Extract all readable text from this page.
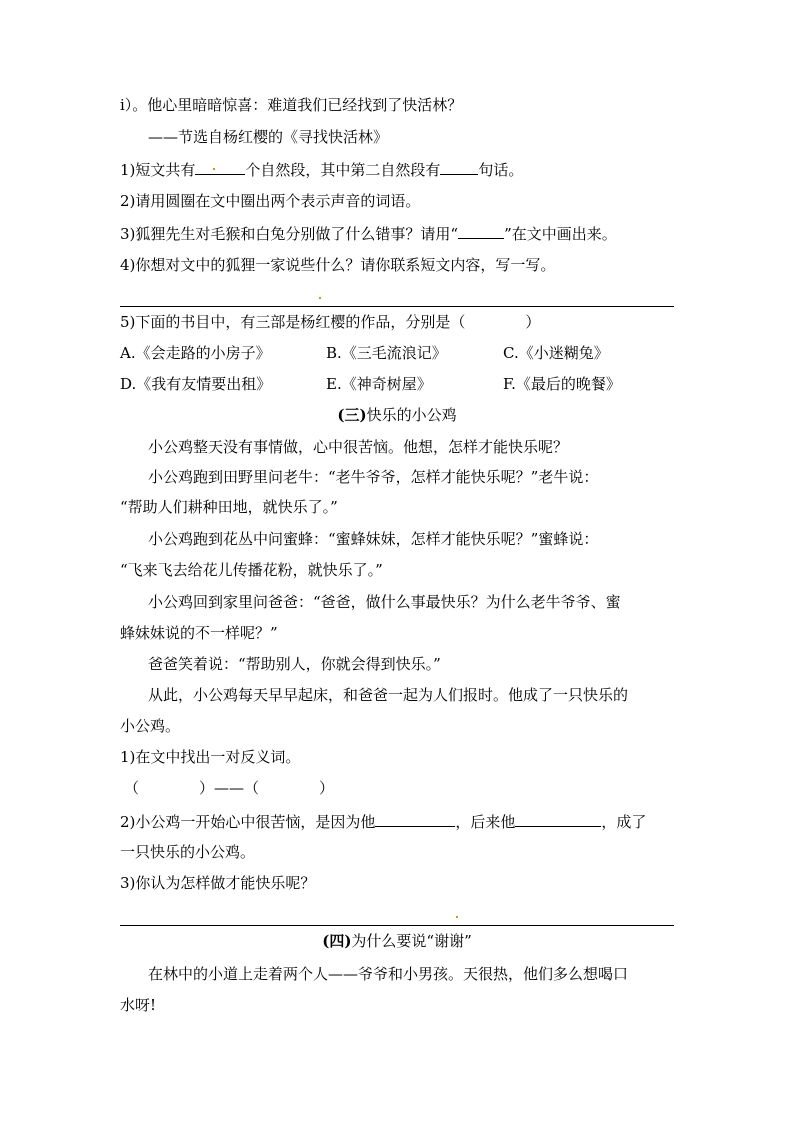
i）。他心里暗暗惊喜：难道我们已经找到了快活林？
——节选自杨红樱的《寻找快活林》
1)短文共有	个自然段，其中第二自然段有	句话。
2)请用圆圈在文中圈出两个表示声音的词语。
3)狐狸先生对毛猴和白兔分别做了什么错事？请用“	”在文中画出来。
4)你想对文中的狐狸一家说些什么？请你联系短文内容，写一写。
5)下面的书目中，有三部是杨红樱的作品，分别是（　　　　）
A.《会走路的小房子》	B.《三毛流浪记》	C.《小迷糊兔》
D.《我有友情要出租》	E.《神奇树屋》	F.《最后的晚餐》
(三)快乐的小公鸡
小公鸡整天没有事情做，心中很苦恼。他想，怎样才能快乐呢？
小公鸡跑到田野里问老牛：“老牛爷爷，怎样才能快乐呢？”老牛说：
“帮助人们耕种田地，就快乐了。”
小公鸡跑到花丛中问蜜蜂：“蜜蜂妹妹，怎样才能快乐呢？”蜜蜂说：
“飞来飞去给花儿传播花粉，就快乐了。”
小公鸡回到家里问爸爸：“爸爸，做什么事最快乐？为什么老牛爷爷、蜜
蜂妹妹说的不一样呢？”
爸爸笑着说：“帮助别人，你就会得到快乐。”
从此，小公鸡每天早早起床，和爸爸一起为人们报时。他成了一只快乐的
小公鸡。
1)在文中找出一对反义词。
（　　　　）——（　　　　）
2)小公鸡一开始心中很苦恼，是因为他	，后来他	，成了
一只快乐的小公鸡。
3)你认为怎样做才能快乐呢？
(四)为什么要说“谢谢”
在林中的小道上走着两个人——爷爷和小男孩。天很热，他们多么想喝口
水呀!
